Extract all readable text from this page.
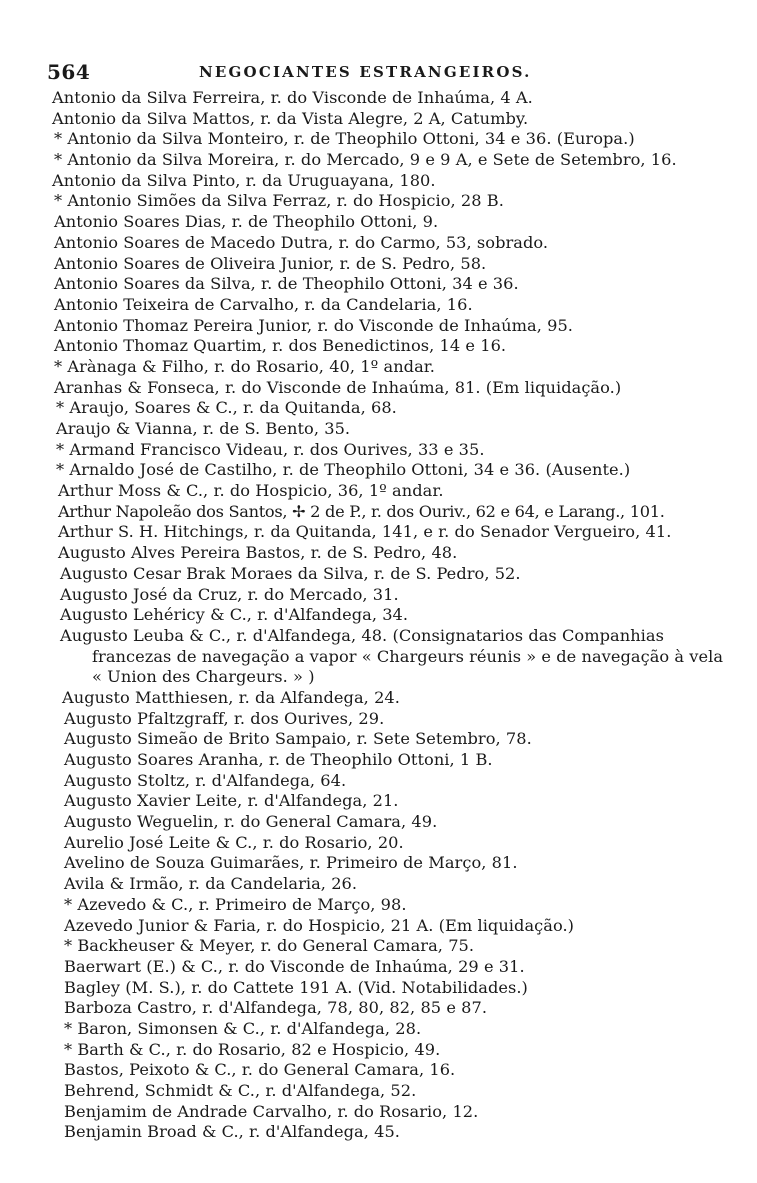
564	NEGOCIANTES ESTRANGEIROS.
Antonio da Silva Ferreira, r. do Visconde de Inhaúma, 4 A.
Antonio da Silva Mattos, r. da Vista Alegre, 2 A, Catumby.
* Antonio da Silva Monteiro, r. de Theophilo Ottoni, 34 e 36. (Europa.)
* Antonio da Silva Moreira, r. do Mercado, 9 e 9 A, e Sete de Setembro, 16.
Antonio da Silva Pinto, r. da Uruguayana, 180.
* Antonio Simões da Silva Ferraz, r. do Hospicio, 28 B.
Antonio Soares Dias, r. de Theophilo Ottoni, 9.
Antonio Soares de Macedo Dutra, r. do Carmo, 53, sobrado.
Antonio Soares de Oliveira Junior, r. de S. Pedro, 58.
Antonio Soares da Silva, r. de Theophilo Ottoni, 34 e 36.
Antonio Teixeira de Carvalho, r. da Candelaria, 16.
Antonio Thomaz Pereira Junior, r. do Visconde de Inhaúma, 95.
Antonio Thomaz Quartim, r. dos Benedictinos, 14 e 16.
* Arànaga & Filho, r. do Rosario, 40, 1º andar.
Aranhas & Fonseca, r. do Visconde de Inhaúma, 81. (Em liquidação.)
* Araujo, Soares & C., r. da Quitanda, 68.
Araujo & Vianna, r. de S. Bento, 35.
* Armand Francisco Videau, r. dos Ourives, 33 e 35.
* Arnaldo José de Castilho, r. de Theophilo Ottoni, 34 e 36. (Ausente.)
Arthur Moss & C., r. do Hospicio, 36, 1º andar.
Arthur Napoleão dos Santos, ✢ 2 de P., r. dos Ouriv., 62 e 64, e Larang., 101.
Arthur S. H. Hitchings, r. da Quitanda, 141, e r. do Senador Vergueiro, 41.
Augusto Alves Pereira Bastos, r. de S. Pedro, 48.
Augusto Cesar Brak Moraes da Silva, r. de S. Pedro, 52.
Augusto José da Cruz, r. do Mercado, 31.
Augusto Lehéricy & C., r. d'Alfandega, 34.
Augusto Leuba & C., r. d'Alfandega, 48. (Consignatarios das Companhias
francezas de navegação a vapor « Chargeurs réunis » e de navegação à vela
« Union des Chargeurs. » )
Augusto Matthiesen, r. da Alfandega, 24.
Augusto Pfaltzgraff, r. dos Ourives, 29.
Augusto Simeão de Brito Sampaio, r. Sete Setembro, 78.
Augusto Soares Aranha, r. de Theophilo Ottoni, 1 B.
Augusto Stoltz, r. d'Alfandega, 64.
Augusto Xavier Leite, r. d'Alfandega, 21.
Augusto Weguelin, r. do General Camara, 49.
Aurelio José Leite & C., r. do Rosario, 20.
Avelino de Souza Guimarães, r. Primeiro de Março, 81.
Avila & Irmão, r. da Candelaria, 26.
* Azevedo & C., r. Primeiro de Março, 98.
Azevedo Junior & Faria, r. do Hospicio, 21 A. (Em liquidação.)
* Backheuser & Meyer, r. do General Camara, 75.
Baerwart (E.) & C., r. do Visconde de Inhaúma, 29 e 31.
Bagley (M. S.), r. do Cattete 191 A. (Vid. Notabilidades.)
Barboza Castro, r. d'Alfandega, 78, 80, 82, 85 e 87.
* Baron, Simonsen & C., r. d'Alfandega, 28.
* Barth & C., r. do Rosario, 82 e Hospicio, 49.
Bastos, Peixoto & C., r. do General Camara, 16.
Behrend, Schmidt & C., r. d'Alfandega, 52.
Benjamim de Andrade Carvalho, r. do Rosario, 12.
Benjamin Broad & C., r. d'Alfandega, 45.
